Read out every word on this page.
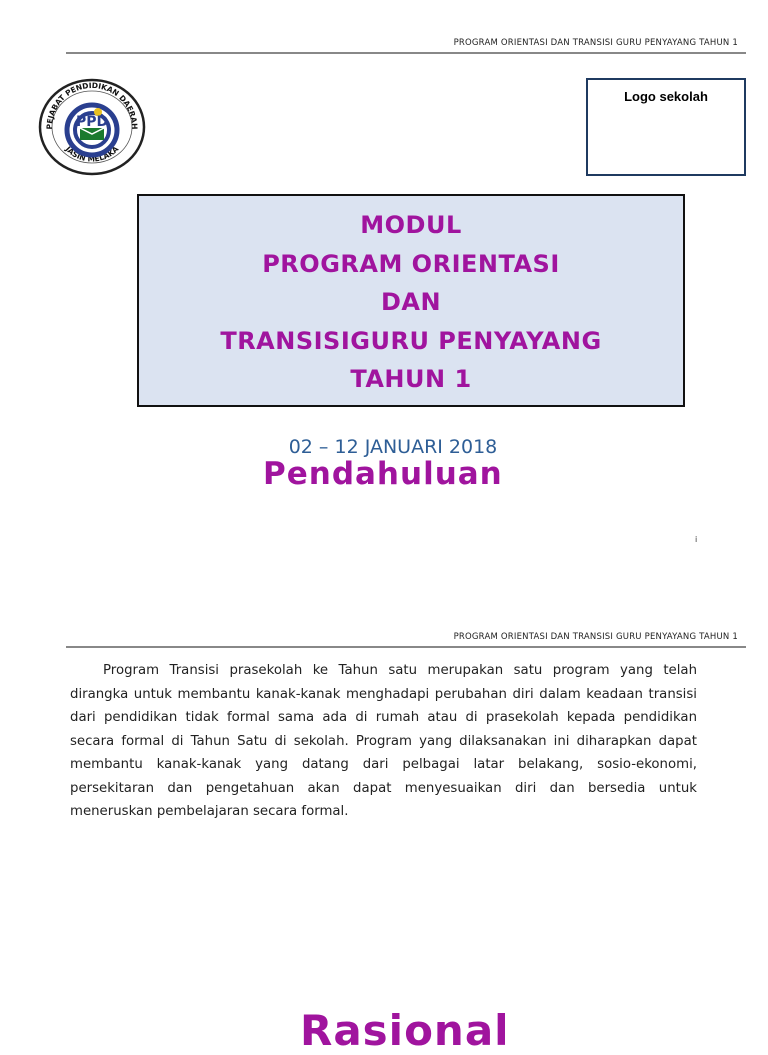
PROGRAM ORIENTASI DAN TRANSISI GURU PENYAYANG TAHUN 1
PEJABAT PENDIDIKAN DAERAH
JASIN MELAKA
PPD
Logo sekolah
MODUL
PROGRAM ORIENTASI
DAN
TRANSISIGURU PENYAYANG
TAHUN 1
02 – 12 JANUARI 2018
Pendahuluan
i
PROGRAM ORIENTASI DAN TRANSISI GURU PENYAYANG TAHUN 1

Program Transisi prasekolah ke Tahun satu merupakan satu program yang telah dirangka untuk membantu kanak-kanak menghadapi perubahan diri dalam keadaan transisi dari pendidikan tidak formal sama ada di rumah atau di prasekolah kepada pendidikan secara formal di Tahun Satu di sekolah. Program yang dilaksanakan ini diharapkan dapat membantu kanak-kanak yang datang dari pelbagai latar belakang, sosio-ekonomi, persekitaran dan pengetahuan akan dapat menyesuaikan diri dan bersedia untuk meneruskan pembelajaran secara formal.

Rasional
